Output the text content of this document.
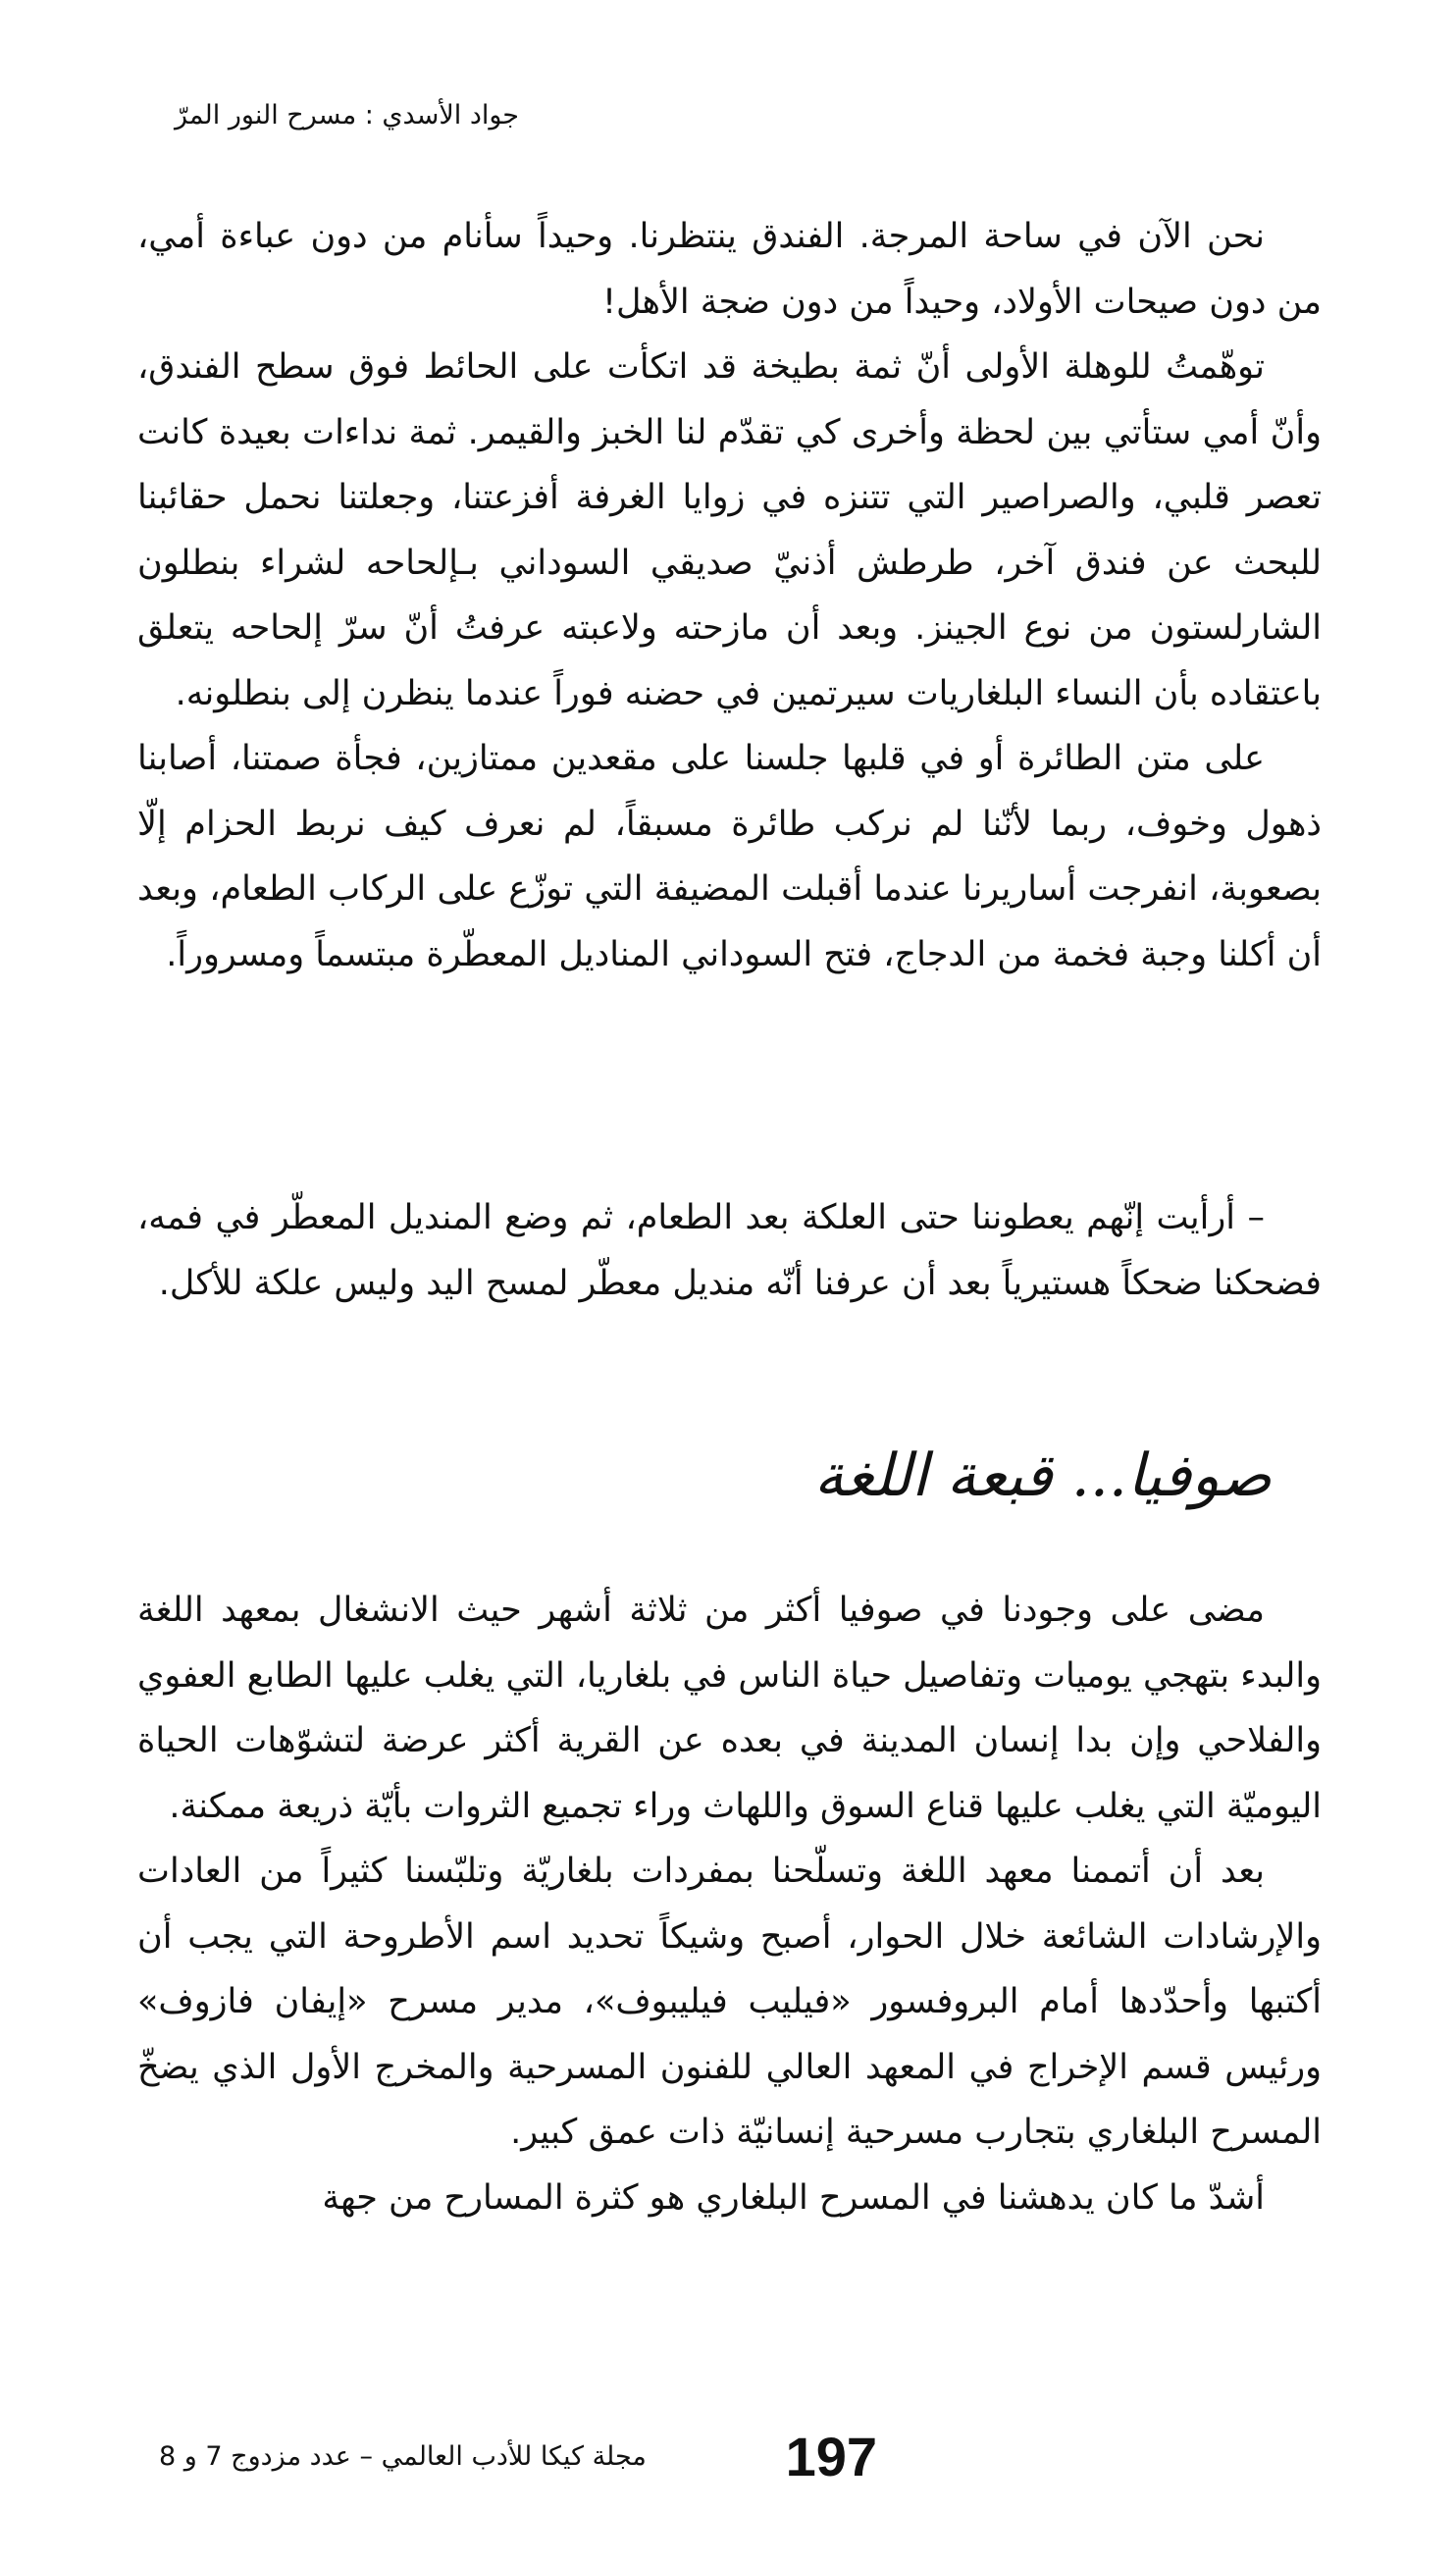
جواد الأسدي : مسرح النور المرّ

نحن الآن في ساحة المرجة. الفندق ينتظرنا. وحيداً سأنام من دون عباءة أمي، من دون صيحات الأولاد، وحيداً من دون ضجة الأهل!

توهّمتُ للوهلة الأولى أنّ ثمة بطيخة قد اتكأت على الحائط فوق سطح الفندق، وأنّ أمي ستأتي بين لحظة وأخرى كي تقدّم لنا الخبز والقيمر. ثمة نداءات بعيدة كانت تعصر قلبي، والصراصير التي تتنزه في زوايا الغرفة أفزعتنا، وجعلتنا نحمل حقائبنا للبحث عن فندق آخر، طرطش أذنيّ صديقي السوداني بـإلحاحه لشراء بنطلون الشارلستون من نوع الجينز. وبعد أن مازحته ولاعبته عرفتُ أنّ سرّ إلحاحه يتعلق باعتقاده بأن النساء البلغاريات سيرتمين في حضنه فوراً عندما ينظرن إلى بنطلونه.

على متن الطائرة أو في قلبها جلسنا على مقعدين ممتازين، فجأة صمتنا، أصابنا ذهول وخوف، ربما لأنّنا لم نركب طائرة مسبقاً، لم نعرف كيف نربط الحزام إلّا بصعوبة، انفرجت أساريرنا عندما أقبلت المضيفة التي توزّع على الركاب الطعام، وبعد أن أكلنا وجبة فخمة من الدجاج، فتح السوداني المناديل المعطّرة مبتسماً ومسروراً.

– أرأيت إنّهم يعطوننا حتى العلكة بعد الطعام، ثم وضع المنديل المعطّر في فمه، فضحكنا ضحكاً هستيرياً بعد أن عرفنا أنّه منديل معطّر لمسح اليد وليس علكة للأكل.

صوفيا... قبعة اللغة

مضى على وجودنا في صوفيا أكثر من ثلاثة أشهر حيث الانشغال بمعهد اللغة والبدء بتهجي يوميات وتفاصيل حياة الناس في بلغاريا، التي يغلب عليها الطابع العفوي والفلاحي وإن بدا إنسان المدينة في بعده عن القرية أكثر عرضة لتشوّهات الحياة اليوميّة التي يغلب عليها قناع السوق واللهاث وراء تجميع الثروات بأيّة ذريعة ممكنة.

بعد أن أتممنا معهد اللغة وتسلّحنا بمفردات بلغاريّة وتلبّسنا كثيراً من العادات والإرشادات الشائعة خلال الحوار، أصبح وشيكاً تحديد اسم الأطروحة التي يجب أن أكتبها وأحدّدها أمام البروفسور «فيليب فيليبوف»، مدير مسرح «إيفان فازوف» ورئيس قسم الإخراج في المعهد العالي للفنون المسرحية والمخرج الأول الذي يضخّ المسرح البلغاري بتجارب مسرحية إنسانيّة ذات عمق كبير.

أشدّ ما كان يدهشنا في المسرح البلغاري هو كثرة المسارح من جهة

مجلة كيكا للأدب العالمي – عدد مزدوج 7 و 8	197
